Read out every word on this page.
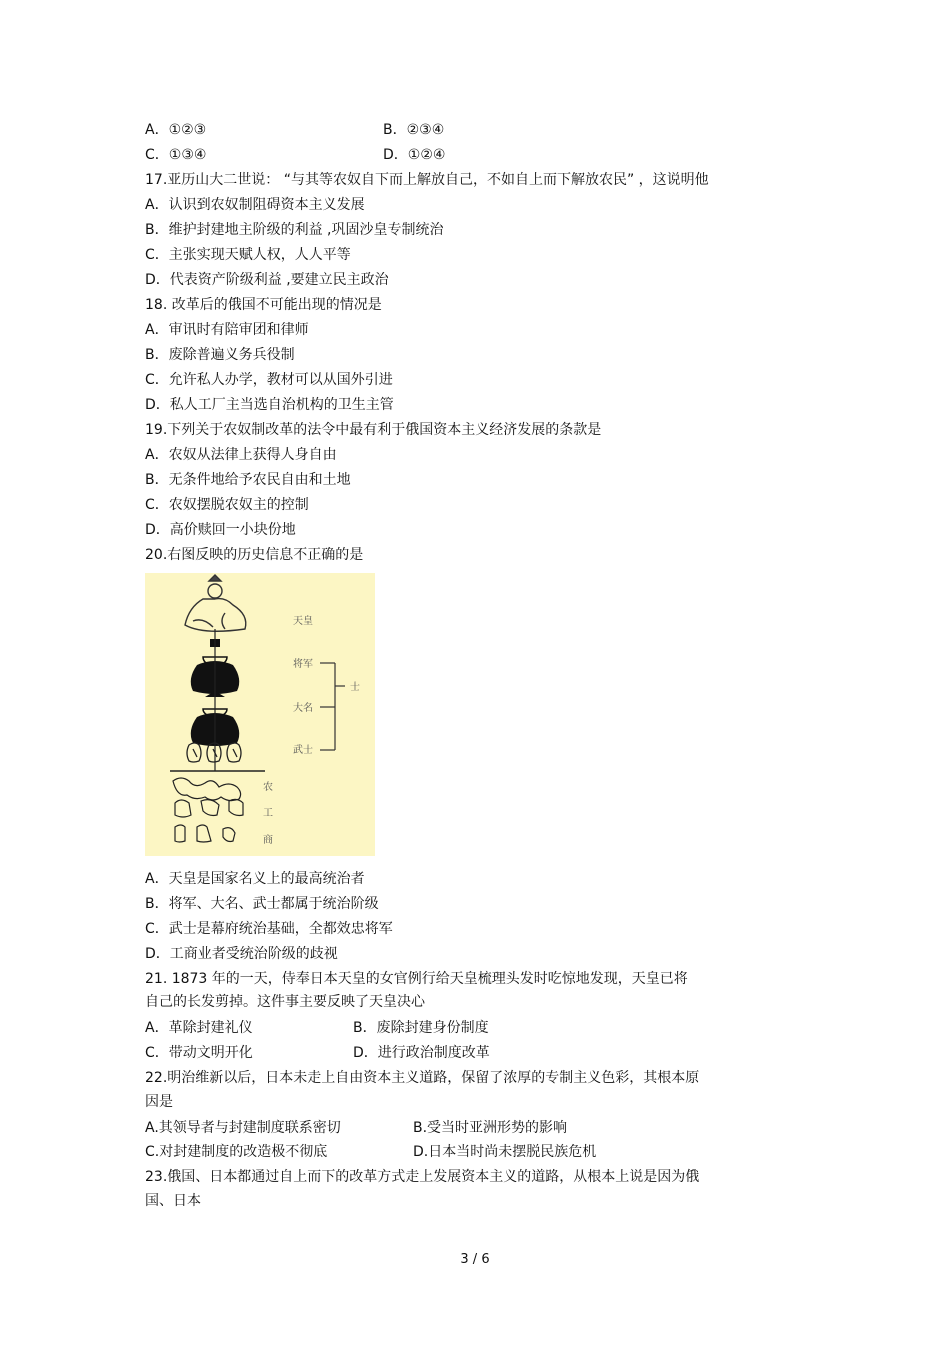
A．①②③	B．②③④
C．①③④	D．①②④
17.亚历山大二世说： “与其等农奴自下而上解放自己，不如自上而下解放农民” ，这说明他
A．认识到农奴制阻碍资本主义发展
B．维护封建地主阶级的利益 ,巩固沙皇专制统治
C．主张实现天赋人权，人人平等
D．代表资产阶级利益 ,要建立民主政治
18. 改革后的俄国不可能出现的情况是
A．审讯时有陪审团和律师
B．废除普遍义务兵役制
C．允许私人办学，教材可以从国外引进
D．私人工厂主当选自治机构的卫生主管
19.下列关于农奴制改革的法令中最有利于俄国资本主义经济发展的条款是
A．农奴从法律上获得人身自由
B．无条件地给予农民自由和土地
C．农奴摆脱农奴主的控制
D．高价赎回一小块份地
20.右图反映的历史信息不正确的是
天皇
将军
大名
武士
士
农
工
商
A．天皇是国家名义上的最高统治者
B．将军、大名、武士都属于统治阶级
C．武士是幕府统治基础，全都效忠将军
D．工商业者受统治阶级的歧视
21. 1873 年的一天，侍奉日本天皇的女官例行给天皇梳理头发时吃惊地发现，天皇已将
自己的长发剪掉。这件事主要反映了天皇决心
A．革除封建礼仪	B．废除封建身份制度
C．带动文明开化	D．进行政治制度改革
22.明治维新以后，日本未走上自由资本主义道路，保留了浓厚的专制主义色彩，其根本原
因是
A.其领导者与封建制度联系密切	B.受当时亚洲形势的影响
C.对封建制度的改造极不彻底	D.日本当时尚未摆脱民族危机
23.俄国、日本都通过自上而下的改革方式走上发展资本主义的道路，从根本上说是因为俄
国、日本
3 / 6
